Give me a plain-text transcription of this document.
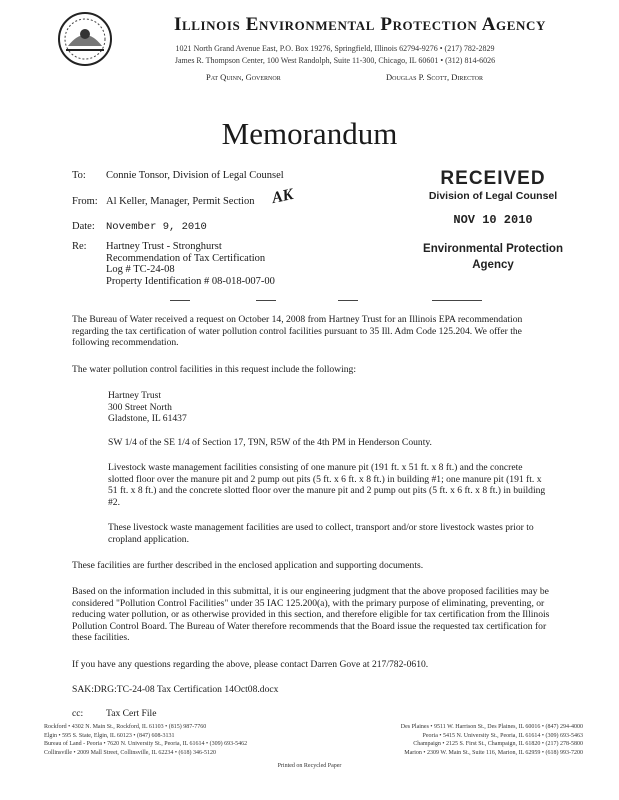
Illinois Environmental Protection Agency
1021 North Grand Avenue East, P.O. Box 19276, Springfield, Illinois 62794-9276 • (217) 782-2829
James R. Thompson Center, 100 West Randolph, Suite 11-300, Chicago, IL 60601 • (312) 814-6026
Pat Quinn, Governor	Douglas P. Scott, Director
Memorandum
To: Connie Tonsor, Division of Legal Counsel
From: Al Keller, Manager, Permit Section AK
Date: November 9, 2010
Re: Hartney Trust - Stronghurst
Recommendation of Tax Certification
Log # TC-24-08
Property Identification # 08-018-007-00
RECEIVED
Division of Legal Counsel
NOV 10 2010
Environmental Protection
Agency
The Bureau of Water received a request on October 14, 2008 from Hartney Trust for an Illinois EPA recommendation regarding the tax certification of water pollution control facilities pursuant to 35 Ill. Adm Code 125.204. We offer the following recommendation.
The water pollution control facilities in this request include the following:
Hartney Trust
300 Street North
Gladstone, IL 61437
SW 1/4 of the SE 1/4 of Section 17, T9N, R5W of the 4th PM in Henderson County.
Livestock waste management facilities consisting of one manure pit (191 ft. x 51 ft. x 8 ft.) and the concrete slotted floor over the manure pit and 2 pump out pits (5 ft. x 6 ft. x 8 ft.) in building #1; one manure pit (191 ft. x 51 ft. x 8 ft.) and the concrete slotted floor over the manure pit and 2 pump out pits (5 ft. x 6 ft. x 8 ft.) in building #2.
These livestock waste management facilities are used to collect, transport and/or store livestock wastes prior to cropland application.
These facilities are further described in the enclosed application and supporting documents.
Based on the information included in this submittal, it is our engineering judgment that the above proposed facilities may be considered "Pollution Control Facilities" under 35 IAC 125.200(a), with the primary purpose of eliminating, preventing, or reducing water pollution, or as otherwise provided in this section, and therefore eligible for tax certification from the Illinois Pollution Control Board. The Bureau of Water therefore recommends that the Board issue the requested tax certification for these facilities.
If you have any questions regarding the above, please contact Darren Gove at 217/782-0610.
SAK:DRG:TC-24-08 Tax Certification 14Oct08.docx
cc: Tax Cert File
Rockford • 4302 N. Main St., Rockford, IL 61103 • (815) 987-7760
Elgin • 595 S. State, Elgin, IL 60123 • (847) 608-3131
Bureau of Land - Peoria • 7620 N. University St., Peoria, IL 61614 • (309) 693-5462
Collinsville • 2009 Mall Street, Collinsville, IL 62234 • (618) 346-5120
Des Plaines • 9511 W. Harrison St., Des Plaines, IL 60016 • (847) 294-4000
Peoria • 5415 N. University St., Peoria, IL 61614 • (309) 693-5463
Champaign • 2125 S. First St., Champaign, IL 61820 • (217) 278-5800
Marion • 2309 W. Main St., Suite 116, Marion, IL 62959 • (618) 993-7200
Printed on Recycled Paper
